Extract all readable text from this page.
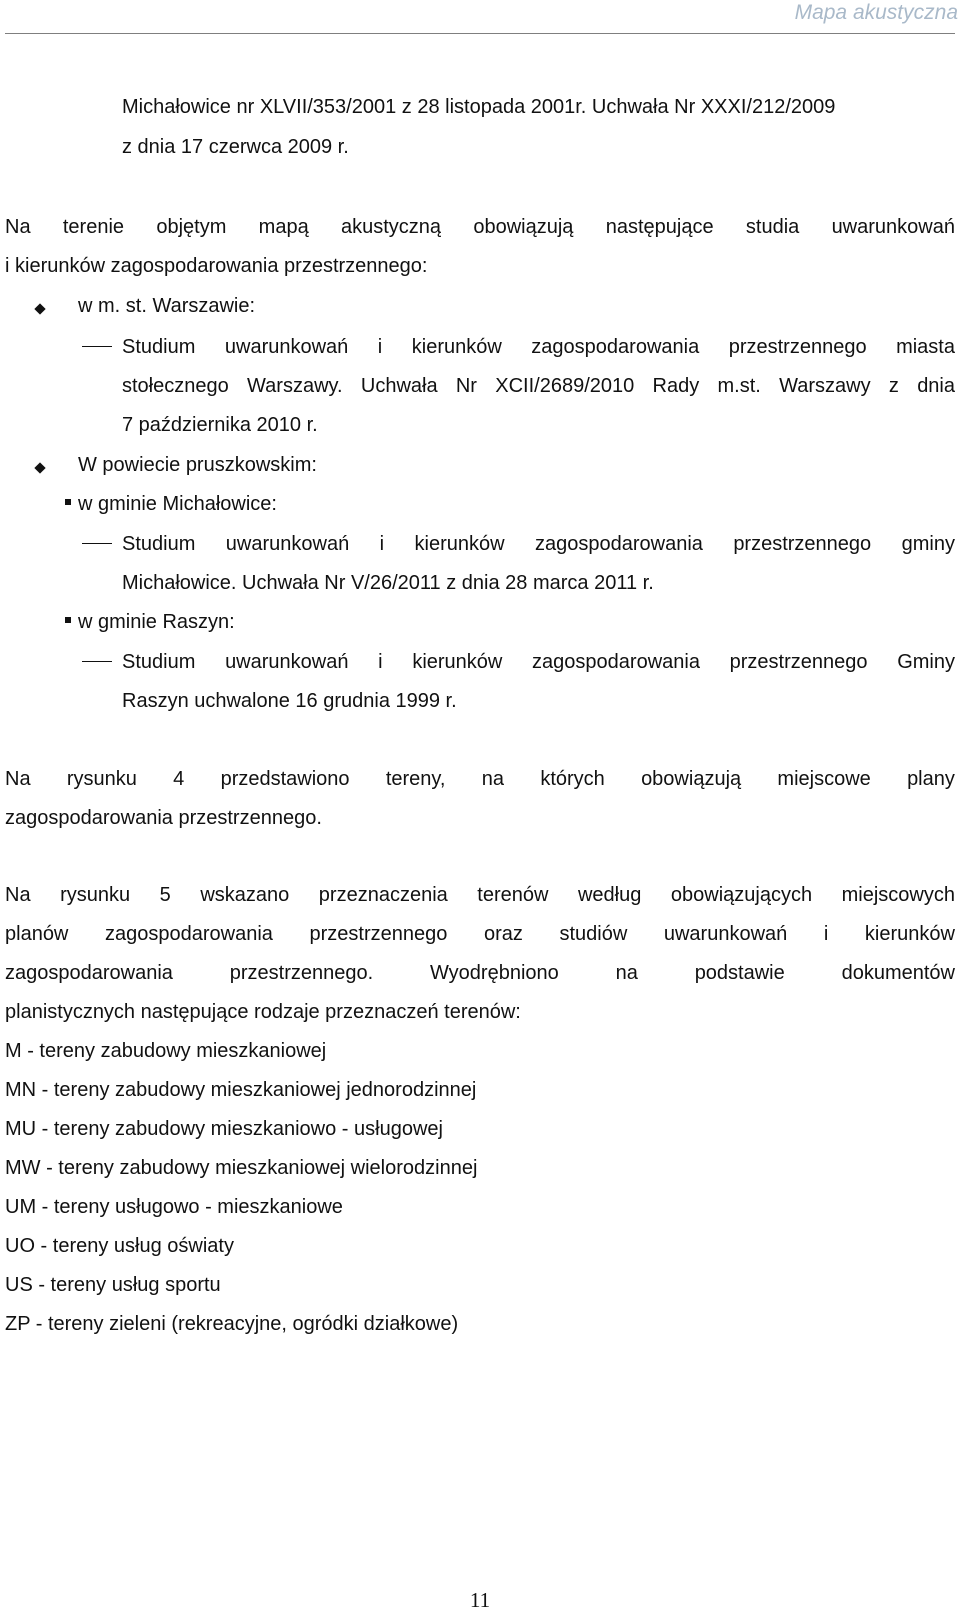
Mapa akustyczna
Michałowice nr XLVII/353/2001 z 28 listopada 2001r. Uchwała Nr XXXI/212/2009
z dnia 17 czerwca 2009 r.
Na terenie objętym mapą akustyczną obowiązują następujące studia uwarunkowań
i kierunków zagospodarowania przestrzennego:
w m. st. Warszawie:
Studium uwarunkowań i kierunków zagospodarowania przestrzennego miasta
stołecznego Warszawy. Uchwała Nr XCII/2689/2010 Rady m.st. Warszawy z dnia
7 października 2010 r.
W powiecie pruszkowskim:
w gminie Michałowice:
Studium uwarunkowań i kierunków zagospodarowania przestrzennego gminy
Michałowice. Uchwała Nr V/26/2011 z dnia 28 marca 2011 r.
w gminie Raszyn:
Studium uwarunkowań i kierunków zagospodarowania przestrzennego Gminy
Raszyn uchwalone 16 grudnia 1999 r.
Na rysunku 4 przedstawiono tereny, na których obowiązują miejscowe plany
zagospodarowania przestrzennego.
Na rysunku 5 wskazano przeznaczenia terenów według obowiązujących miejscowych
planów zagospodarowania przestrzennego oraz studiów uwarunkowań i kierunków
zagospodarowania	przestrzennego.	Wyodrębniono	na	podstawie	dokumentów
planistycznych następujące rodzaje przeznaczeń terenów:
M - tereny zabudowy mieszkaniowej
MN - tereny zabudowy mieszkaniowej jednorodzinnej
MU - tereny zabudowy mieszkaniowo - usługowej
MW - tereny zabudowy mieszkaniowej wielorodzinnej
UM - tereny usługowo - mieszkaniowe
UO - tereny usług oświaty
US - tereny usług sportu
ZP - tereny zieleni (rekreacyjne, ogródki działkowe)
11
